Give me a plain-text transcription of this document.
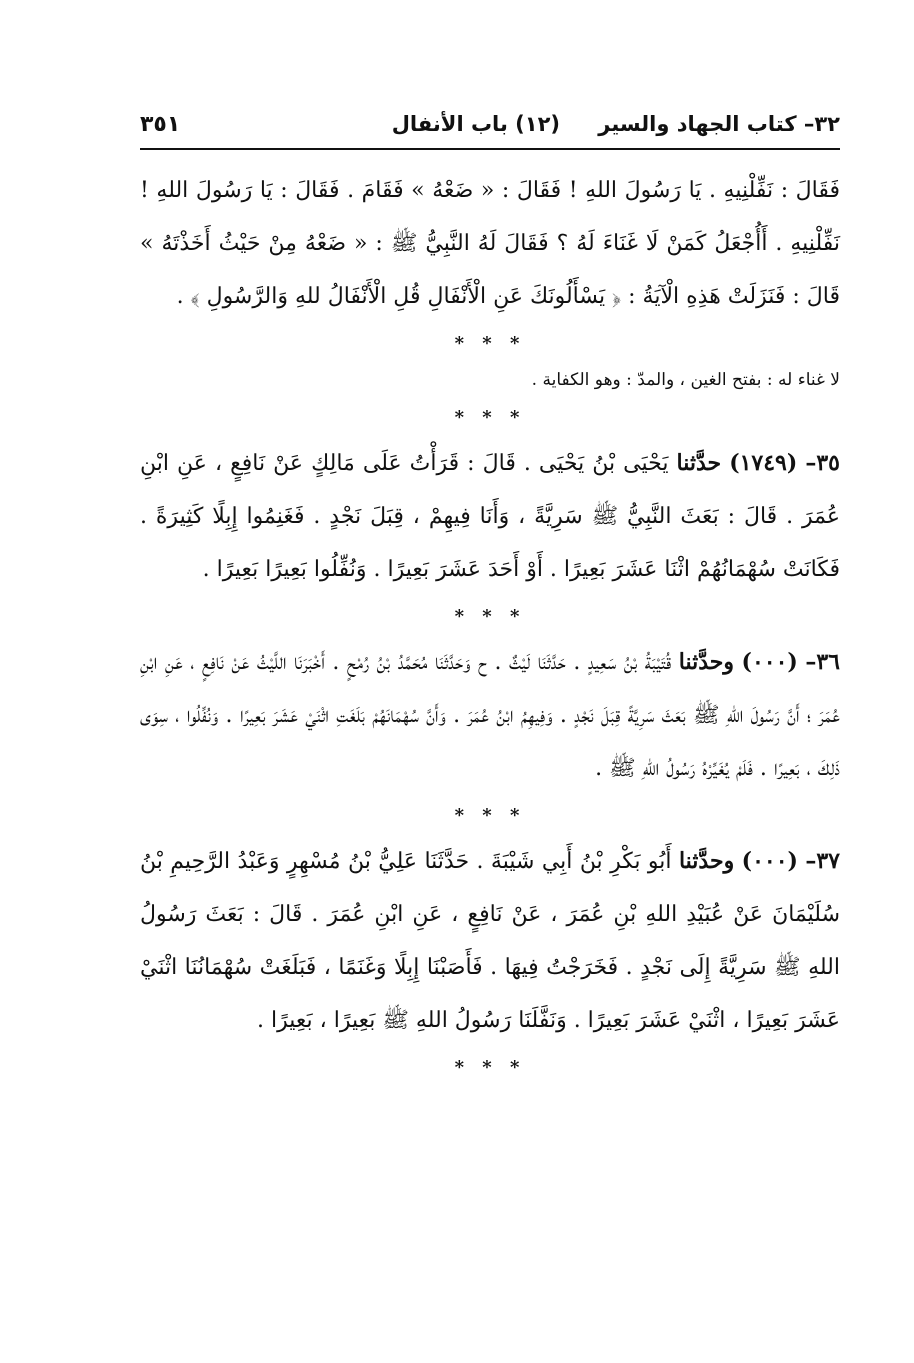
٣٢– كتاب الجهاد والسير
(١٢) باب الأنفال
٣٥١

فَقَالَ : نَفِّلْنِيهِ . يَا رَسُولَ اللهِ ! فَقَالَ : « ضَعْهُ » فَقَامَ . فَقَالَ : يَا رَسُولَ اللهِ ! نَفِّلْنِيهِ . أَأُجْعَلُ كَمَنْ لَا غَنَاءَ لَهُ ؟ فَقَالَ لَهُ النَّبِيُّ ﷺ : « ضَعْهُ مِنْ حَيْثُ أَخَذْتَهُ » قَالَ : فَنَزَلَتْ هَذِهِ الْآيَةُ : ﴿ يَسْأَلُونَكَ عَنِ الْأَنْفَالِ قُلِ الْأَنْفَالُ للهِ وَالرَّسُولِ ﴾ .

* * *

لا غناء له : بفتح الغين ، والمدّ : وهو الكفاية .

* * *

٣٥– (١٧٤٩) حدَّثنا يَحْيَى بْنُ يَحْيَى . قَالَ : قَرَأْتُ عَلَى مَالِكٍ عَنْ نَافِعٍ ، عَنِ ابْنِ عُمَرَ . قَالَ : بَعَثَ النَّبِيُّ ﷺ سَرِيَّةً ، وَأَنَا فِيهِمْ ، قِبَلَ نَجْدٍ . فَغَنِمُوا إِبِلًا كَثِيرَةً . فَكَانَتْ سُهْمَانُهُمْ اثْنَا عَشَرَ بَعِيرًا . أَوْ أَحَدَ عَشَرَ بَعِيرًا . وَنُفِّلُوا بَعِيرًا بَعِيرًا .

* * *

٣٦– (٠٠٠) وحدَّثنا قُتَيْبَةُ بْنُ سَعِيدٍ . حَدَّثَنَا لَيْثٌ . ح وَحَدَّثَنَا مُحَمَّدُ بْنُ رُمْحٍ . أَخْبَرَنَا اللَّيْثُ عَنْ نَافِعٍ ، عَنِ ابْنِ عُمَرَ ؛ أَنَّ رَسُولَ اللهِ ﷺ بَعَثَ سَرِيَّةً قِبَلَ نَجْدٍ . وَفِيهِمُ ابْنُ عُمَرَ . وَأَنَّ سُهْمَانَهُمْ بَلَغَتِ اثْنَيْ عَشَرَ بَعِيرًا . وَنُفِّلُوا ، سِوَى ذَلِكَ ، بَعِيرًا . فَلَمْ يُغَيِّرْهُ رَسُولُ اللهِ ﷺ .

* * *

٣٧– (٠٠٠) وحدَّثنا أَبُو بَكْرِ بْنُ أَبِي شَيْبَةَ . حَدَّثَنَا عَلِيُّ بْنُ مُسْهِرٍ وَعَبْدُ الرَّحِيمِ بْنُ سُلَيْمَانَ عَنْ عُبَيْدِ اللهِ بْنِ عُمَرَ ، عَنْ نَافِعٍ ، عَنِ ابْنِ عُمَرَ . قَالَ : بَعَثَ رَسُولُ اللهِ ﷺ سَرِيَّةً إِلَى نَجْدٍ . فَخَرَجْتُ فِيهَا . فَأَصَبْنَا إِبِلًا وَغَنَمًا ، فَبَلَغَتْ سُهْمَانُنَا اثْنَيْ عَشَرَ بَعِيرًا ، اثْنَيْ عَشَرَ بَعِيرًا . وَنَفَّلَنَا رَسُولُ اللهِ ﷺ بَعِيرًا ، بَعِيرًا .

* * *
